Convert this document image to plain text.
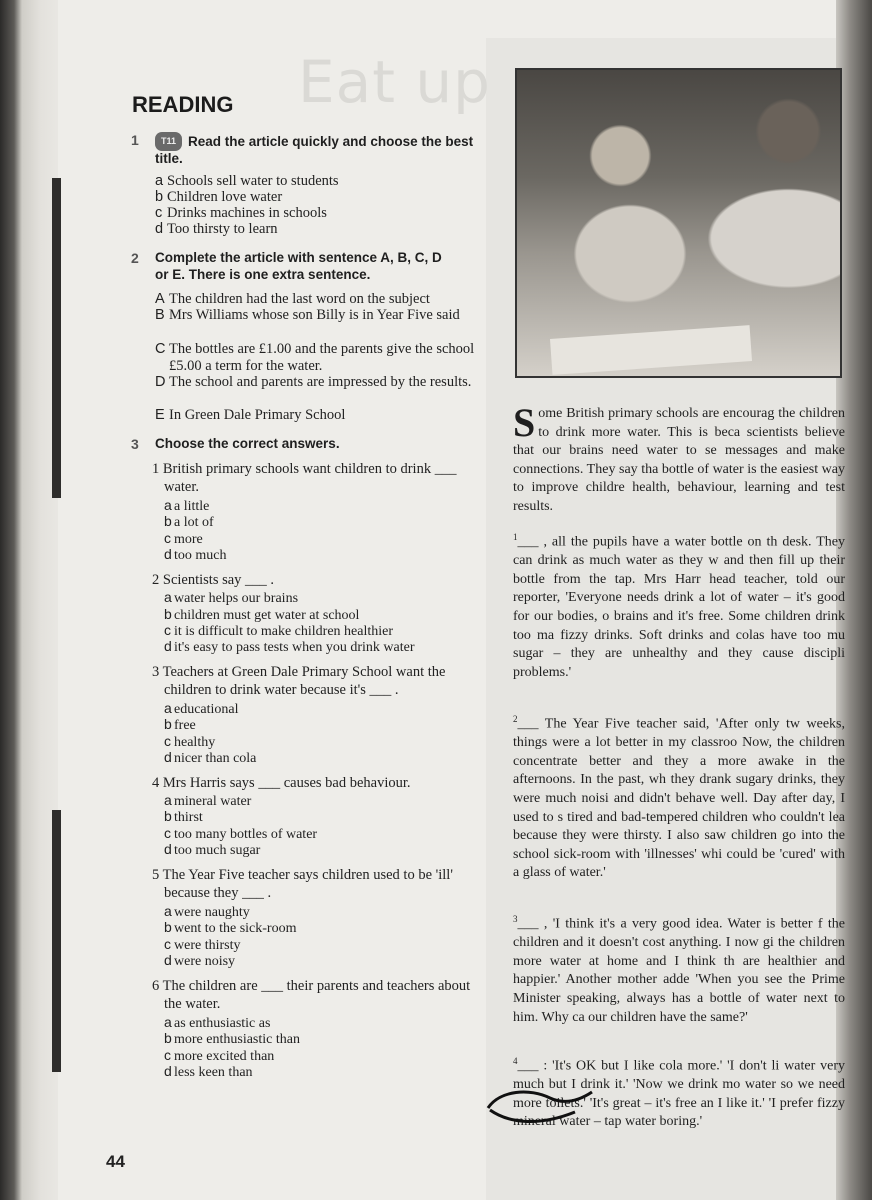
Eat up
READING
1	T11 Read the article quickly and choose the best title.
a Schools sell water to students
b Children love water
c Drinks machines in schools
d Too thirsty to learn
2 Complete the article with sentence A, B, C, D or E. There is one extra sentence.
A The children had the last word on the subject
B Mrs Williams whose son Billy is in Year Five said
C The bottles are £1.00 and the parents give the school £5.00 a term for the water.
D The school and parents are impressed by the results.
E In Green Dale Primary School
3 Choose the correct answers.
1 British primary schools want children to drink ___ water.
a a little
b a lot of
c more
d too much
2 Scientists say ___ .
a water helps our brains
b children must get water at school
c it is difficult to make children healthier
d it's easy to pass tests when you drink water
3 Teachers at Green Dale Primary School want the children to drink water because it's ___ .
a educational
b free
c healthy
d nicer than cola
4 Mrs Harris says ___ causes bad behaviour.
a mineral water
b thirst
c too many bottles of water
d too much sugar
5 The Year Five teacher says children used to be 'ill' because they ___ .
a were naughty
b went to the sick-room
c were thirsty
d were noisy
6 The children are ___ their parents and teachers about the water.
a as enthusiastic as
b more enthusiastic than
c more excited than
d less keen than
44
Some British primary schools are encourag the children to drink more water. This is beca scientists believe that our brains need water to se messages and make connections. They say tha bottle of water is the easiest way to improve childre health, behaviour, learning and test results.
$^1$___ , all the pupils have a water bottle on th desk. They can drink as much water as they w and then fill up their bottle from the tap. Mrs Harr head teacher, told our reporter, 'Everyone needs drink a lot of water – it's good for our bodies, o brains and it's free. Some children drink too ma fizzy drinks. Soft drinks and colas have too mu sugar – they are unhealthy and they cause discipli problems.'
$^2$___ The Year Five teacher said, 'After only tw weeks, things were a lot better in my classroo Now, the children concentrate better and they a more awake in the afternoons. In the past, wh they drank sugary drinks, they were much noisi and didn't behave well. Day after day, I used to s tired and bad-tempered children who couldn't lea because they were thirsty. I also saw children go into the school sick-room with 'illnesses' whi could be 'cured' with a glass of water.'
$^3$___ , 'I think it's a very good idea. Water is better f the children and it doesn't cost anything. I now gi the children more water at home and I think th are healthier and happier.' Another mother adde 'When you see the Prime Minister speaking, always has a bottle of water next to him. Why ca our children have the same?'
$^4$___ : 'It's OK but I like cola more.' 'I don't li water very much but I drink it.' 'Now we drink mo water so we need more toilets.' 'It's great – it's free an I like it.' 'I prefer fizzy mineral water – tap water boring.'
